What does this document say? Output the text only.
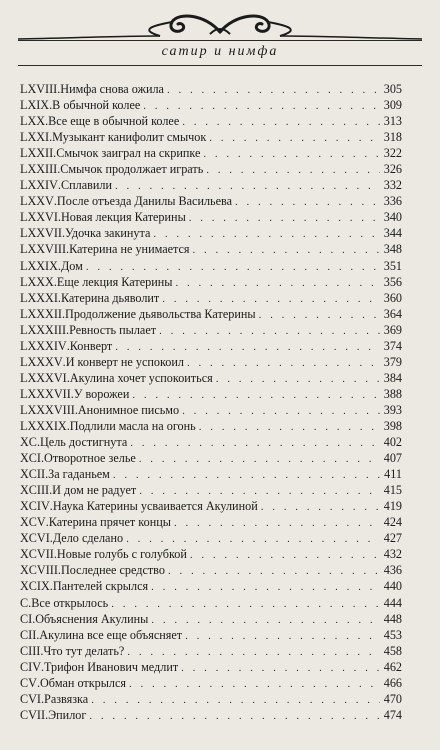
сатир и нимфа
LXVIII . Нимфа снова ожила . . .	305
LXIX . В обычной колее . . .	309
LXX . Все еще в обычной колее . . .	313
LXXI . Музыкант канифолит смычок . . .	318
LXXII . Смычок заиграл на скрипке . . .	322
LXXIII . Смычок продолжает играть . . .	326
LXXIV . Сплавили . . .	332
LXXV . После отъезда Данилы Васильева . . .	336
LXXVI . Новая лекция Катерины . . .	340
LXXVII . Удочка закинута . . .	344
LXXVIII . Катерина не унимается . . .	348
LXXIX . Дом . . .	351
LXXX . Еще лекция Катерины . . .	356
LXXXI . Катерина дьяволит . . .	360
LXXXII . Продолжение дьявольства Катерины . . .	364
LXXXIII . Ревность пылает . . .	369
LXXXIV . Конверт . . .	374
LXXXV . И конверт не успокоил . . .	379
LXXXVI . Акулина хочет успокоиться . . .	384
LXXXVII . У ворожеи . . .	388
LXXXVIII . Анонимное письмо . . .	393
LXXXIX . Подлили масла на огонь . . .	398
XC . Цель достигнута . . .	402
XCI . Отворотное зелье . . .	407
XCII . За гаданьем . . .	411
XCIII . И дом не радует . . .	415
XCIV . Наука Катерины усваивается Акулиной . . .	419
XCV . Катерина прячет концы . . .	424
XCVI . Дело сделано . . .	427
XCVII . Новые голубь с голубкой . . .	432
XCVIII . Последнее средство . . .	436
XCIX . Пантелей скрылся . . .	440
C . Все открылось . . .	444
CI . Объяснения Акулины . . .	448
CII . Акулина все еще объясняет . . .	453
CIII . Что тут делать? . . .	458
CIV . Трифон Иванович медлит . . .	462
CV . Обман открылся . . .	466
CVI . Развязка . . .	470
CVII . Эпилог . . .	474
